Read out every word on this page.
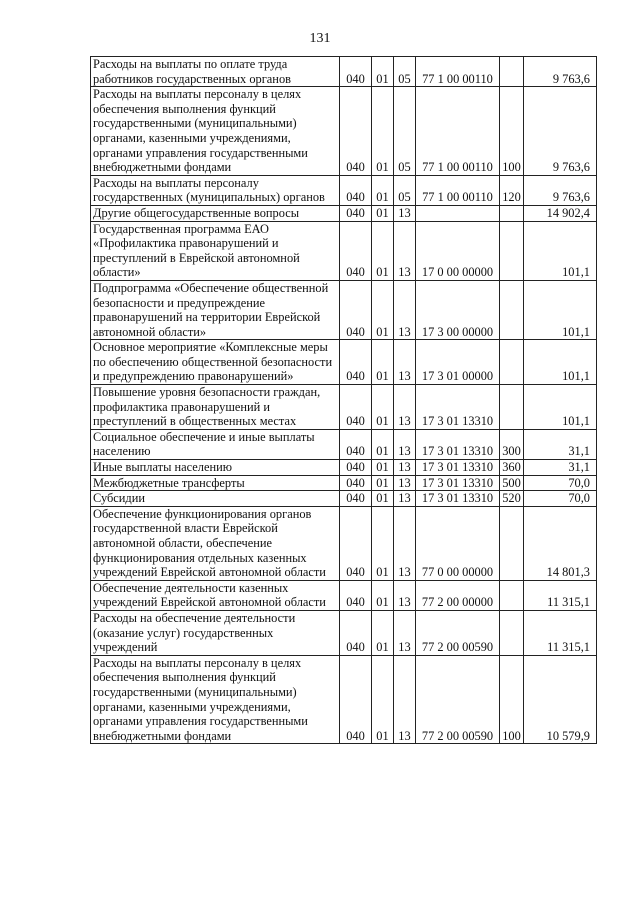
131
Расходы на выплаты по оплате труда работников государственных органов	040	01	05	77 1 00 00110		9 763,6
Расходы на выплаты персоналу в целях обеспечения выполнения функций государственными (муниципальными) органами, казенными учреждениями, органами управления государственными внебюджетными фондами	040	01	05	77 1 00 00110	100	9 763,6
Расходы на выплаты персоналу государственных (муниципальных) органов	040	01	05	77 1 00 00110	120	9 763,6
Другие общегосударственные вопросы	040	01	13			14 902,4
Государственная программа ЕАО «Профилактика правонарушений и преступлений в Еврейской автономной области»	040	01	13	17 0 00 00000		101,1
Подпрограмма «Обеспечение общественной безопасности и предупреждение правонарушений на территории Еврейской автономной области»	040	01	13	17 3 00 00000		101,1
Основное мероприятие «Комплексные меры по обеспечению общественной безопасности и предупреждению правонарушений»	040	01	13	17 3 01 00000		101,1
Повышение уровня безопасности граждан, профилактика правонарушений и преступлений в общественных местах	040	01	13	17 3 01 13310		101,1
Социальное обеспечение и иные выплаты населению	040	01	13	17 3 01 13310	300	31,1
Иные выплаты населению	040	01	13	17 3 01 13310	360	31,1
Межбюджетные трансферты	040	01	13	17 3 01 13310	500	70,0
Субсидии	040	01	13	17 3 01 13310	520	70,0
Обеспечение функционирования органов государственной власти Еврейской автономной области, обеспечение функционирования отдельных казенных учреждений Еврейской автономной области	040	01	13	77 0 00 00000		14 801,3
Обеспечение деятельности казенных учреждений Еврейской автономной области	040	01	13	77 2 00 00000		11 315,1
Расходы на обеспечение деятельности (оказание услуг) государственных учреждений	040	01	13	77 2 00 00590		11 315,1
Расходы на выплаты персоналу в целях обеспечения выполнения функций государственными (муниципальными) органами, казенными учреждениями, органами управления государственными внебюджетными фондами	040	01	13	77 2 00 00590	100	10 579,9
